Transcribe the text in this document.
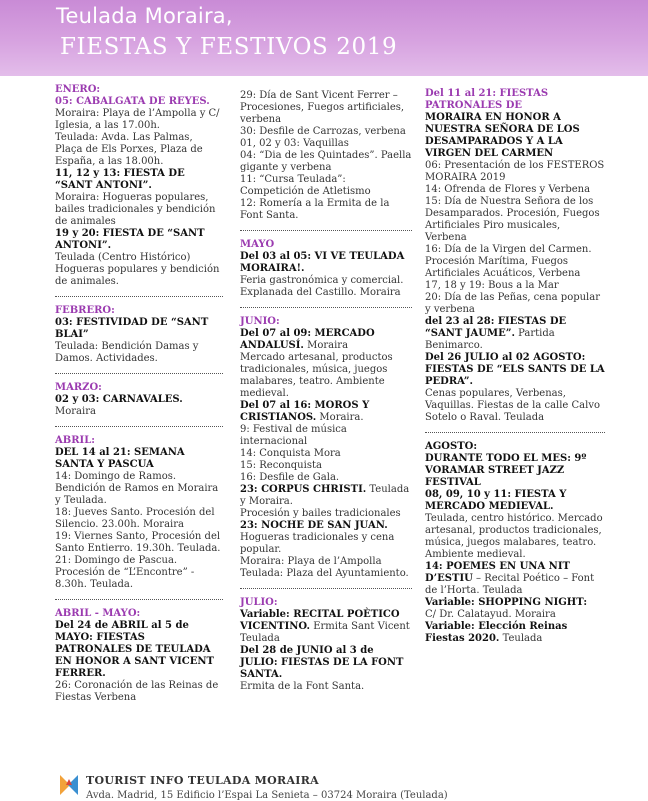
Teulada Moraira,
FIESTAS Y FESTIVOS 2019
ENERO:
05: CABALGATA DE REYES.
Moraira: Playa de l’Ampolla y C/ Iglesia, a las 17.00h.
Teulada: Avda. Las Palmas, Plaça de Els Porxes, Plaza de España, a las 18.00h.
11, 12 y 13: FIESTA DE “SANT ANTONI”.
Moraira: Hogueras populares, bailes tradicionales y bendición de animales
19 y 20: FIESTA DE “SANT ANTONI”.
Teulada (Centro Histórico) Hogueras populares y bendición de animales.
FEBRERO:
03: FESTIVIDAD DE “SANT BLAI”
Teulada: Bendición Damas y Damos. Actividades.
MARZO:
02 y 03: CARNAVALES. Moraira
ABRIL:
DEL 14 al 21: SEMANA SANTA Y PASCUA
14: Domingo de Ramos. Bendición de Ramos en Moraira y Teulada.
18: Jueves Santo. Procesión del Silencio. 23.00h. Moraira
19: Viernes Santo, Procesión del Santo Entierro. 19.30h. Teulada.
21: Domingo de Pascua. Procesión de “L’Encontre” - 8.30h. Teulada.
ABRIL - MAYO:
Del 24 de ABRIL al 5 de MAYO: FIESTAS PATRONALES DE TEULADA EN HONOR A SANT VICENT FERRER.
26: Coronación de las Reinas de Fiestas Verbena
29: Día de Sant Vicent Ferrer – Procesiones, Fuegos artificiales, verbena
30: Desfile de Carrozas, verbena
01, 02 y 03: Vaquillas
04: “Dia de les Quintades”. Paella gigante y verbena
11: “Cursa Teulada”: Competición de Atletismo
12: Romería a la Ermita de la Font Santa.
MAYO
Del 03 al 05: VI VE TEULADA MORAIRA!.
Feria gastronómica y comercial. Explanada del Castillo. Moraira
JUNIO:
Del 07 al 09: MERCADO ANDALUSÍ. Moraira
Mercado artesanal, productos tradicionales, música, juegos malabares, teatro. Ambiente medieval.
Del 07 al 16: MOROS Y CRISTIANOS. Moraira.
9: Festival de música internacional
14: Conquista Mora
15: Reconquista
16: Desfile de Gala.
23: CORPUS CHRISTI. Teulada y Moraira.
Procesión y bailes tradicionales
23: NOCHE DE SAN JUAN.
Hogueras tradicionales y cena popular.
Moraira: Playa de l’Ampolla
Teulada: Plaza del Ayuntamiento.
JULIO:
Variable: RECITAL POÈTICO VICENTINO. Ermita Sant Vicent Teulada
Del 28 de JUNIO al 3 de JULIO: FIESTAS DE LA FONT SANTA.
Ermita de la Font Santa.
Del 11 al 21: FIESTAS PATRONALES DE
MORAIRA EN HONOR A NUESTRA SEÑORA DE LOS DESAMPARADOS Y A LA VIRGEN DEL CARMEN
06: Presentación de los FESTEROS MORAIRA 2019
14: Ofrenda de Flores y Verbena
15: Día de Nuestra Señora de los Desamparados. Procesión, Fuegos Artificiales Piro musicales, Verbena
16: Día de la Virgen del Carmen. Procesión Marítima, Fuegos Artificiales Acuáticos, Verbena
17, 18 y 19: Bous a la Mar
20: Día de las Peñas, cena popular y verbena
del 23 al 28: FIESTAS DE “SANT JAUME”. Partida Benimarco.
Del 26 JULIO al 02 AGOSTO: FIESTAS DE “ELS SANTS DE LA PEDRA”.
Cenas populares, Verbenas, Vaquillas. Fiestas de la calle Calvo Sotelo o Raval. Teulada
AGOSTO:
DURANTE TODO EL MES: 9º VORAMAR STREET JAZZ FESTIVAL
08, 09, 10 y 11: FIESTA Y MERCADO MEDIEVAL.
Teulada, centro histórico. Mercado artesanal, productos tradicionales, música, juegos malabares, teatro. Ambiente medieval.
14: POEMES EN UNA NIT D’ESTIU – Recital Poético – Font de l’Horta. Teulada
Variable: SHOPPING NIGHT:
C/ Dr. Calatayud. Moraira
Variable: Elección Reinas Fiestas 2020. Teulada
TOURIST INFO TEULADA MORAIRA
Avda. Madrid, 15 Edificio l’Espai La Senieta – 03724 Moraira (Teulada)
